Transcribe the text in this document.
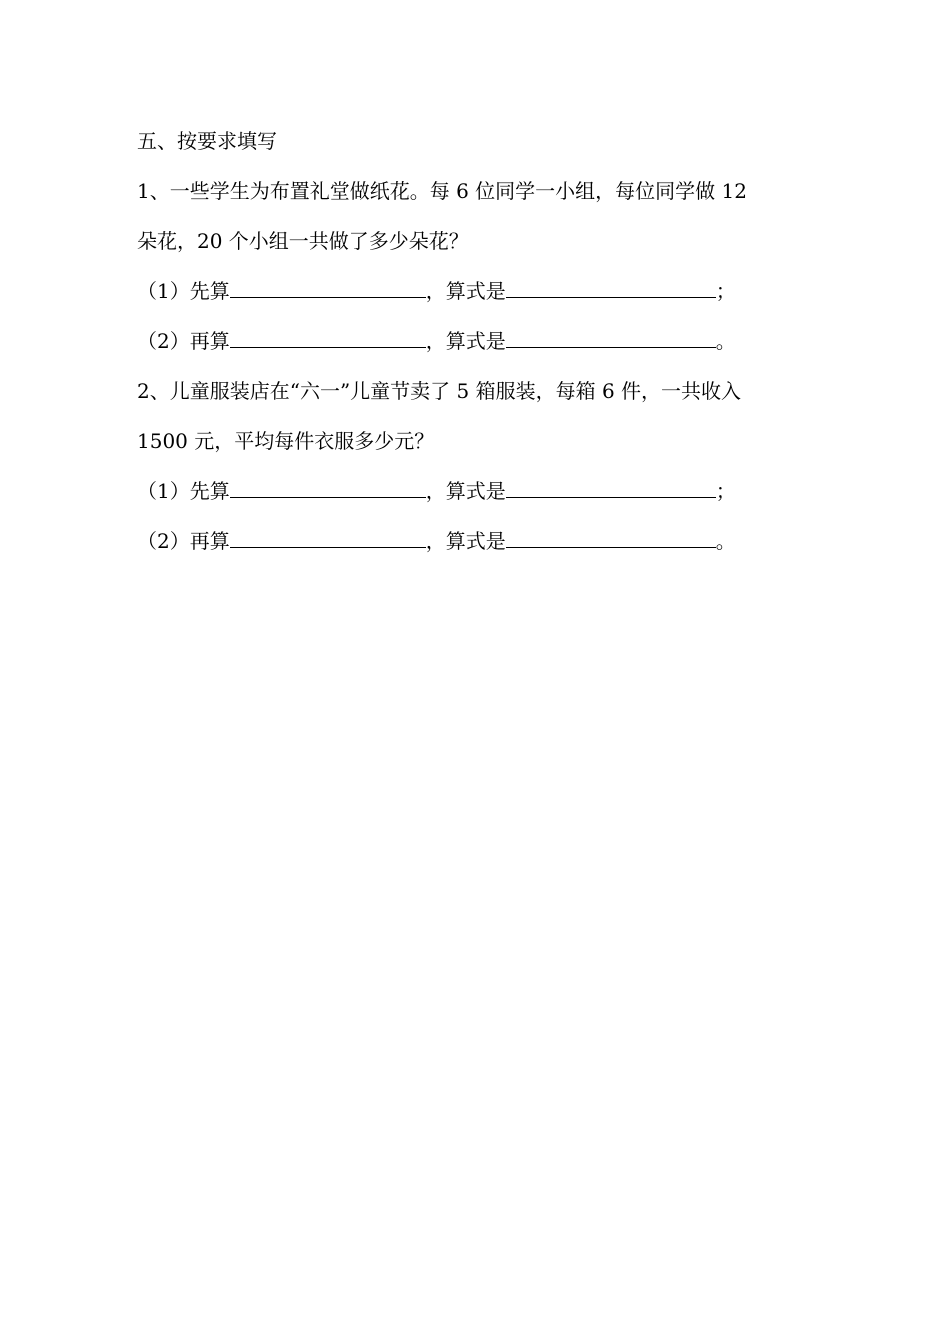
五、按要求填写
1、一些学生为布置礼堂做纸花。每 6 位同学一小组，每位同学做 12
朵花，20 个小组一共做了多少朵花？
（1）先算	，算式是	；
（2）再算	，算式是	。
2、儿童服装店在“六一”儿童节卖了 5 箱服装，每箱 6 件，一共收入
1500 元，平均每件衣服多少元？
（1）先算	，算式是	；
（2）再算	，算式是	。
